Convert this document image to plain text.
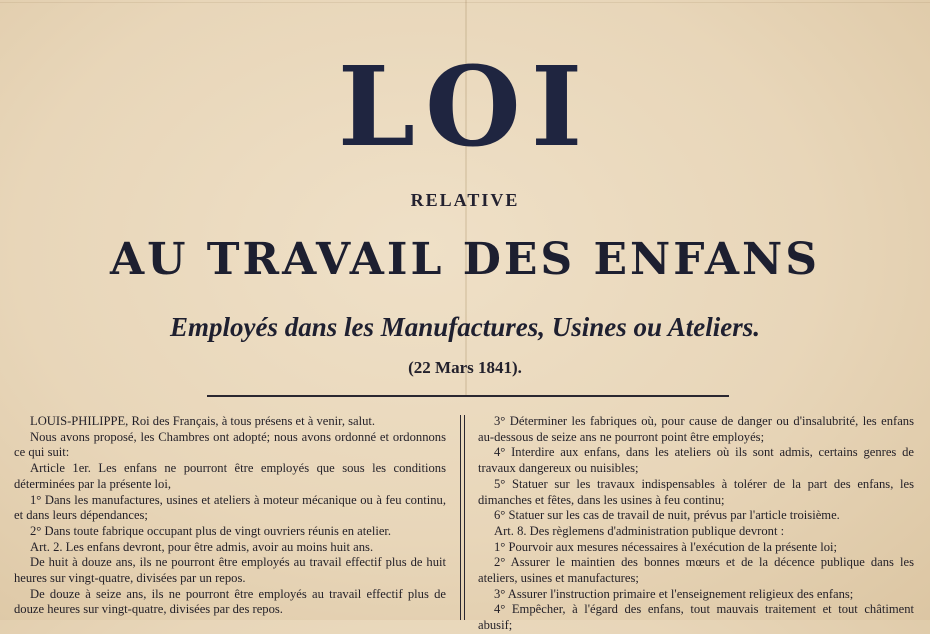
LOI
RELATIVE
AU TRAVAIL DES ENFANS
Employés dans les Manufactures, Usines ou Ateliers.
(22 Mars 1841).

LOUIS-PHILIPPE, Roi des Français, à tous présens et à venir, salut.

Nous avons proposé, les Chambres ont adopté; nous avons ordonné et ordonnons ce qui suit:

Article 1er. Les enfans ne pourront être employés que sous les conditions déterminées par la présente loi,

1° Dans les manufactures, usines et ateliers à moteur mécanique ou à feu continu, et dans leurs dépendances;

2° Dans toute fabrique occupant plus de vingt ouvriers réunis en atelier.

Art. 2. Les enfans devront, pour être admis, avoir au moins huit ans.

De huit à douze ans, ils ne pourront être employés au travail effectif plus de huit heures sur vingt-quatre, divisées par un repos.

De douze à seize ans, ils ne pourront être employés au travail effectif plus de douze heures sur vingt-quatre, divisées par des repos.

3° Déterminer les fabriques où, pour cause de danger ou d'insalubrité, les enfans au-dessous de seize ans ne pourront point être employés;

4° Interdire aux enfans, dans les ateliers où ils sont admis, certains genres de travaux dangereux ou nuisibles;

5° Statuer sur les travaux indispensables à tolérer de la part des enfans, les dimanches et fêtes, dans les usines à feu continu;

6° Statuer sur les cas de travail de nuit, prévus par l'article troisième.

Art. 8. Des règlemens d'administration publique devront :

1° Pourvoir aux mesures nécessaires à l'exécution de la présente loi;

2° Assurer le maintien des bonnes mœurs et de la décence publique dans les ateliers, usines et manufactures;

3° Assurer l'instruction primaire et l'enseignement religieux des enfans;

4° Empêcher, à l'égard des enfans, tout mauvais traitement et tout châtiment abusif;
